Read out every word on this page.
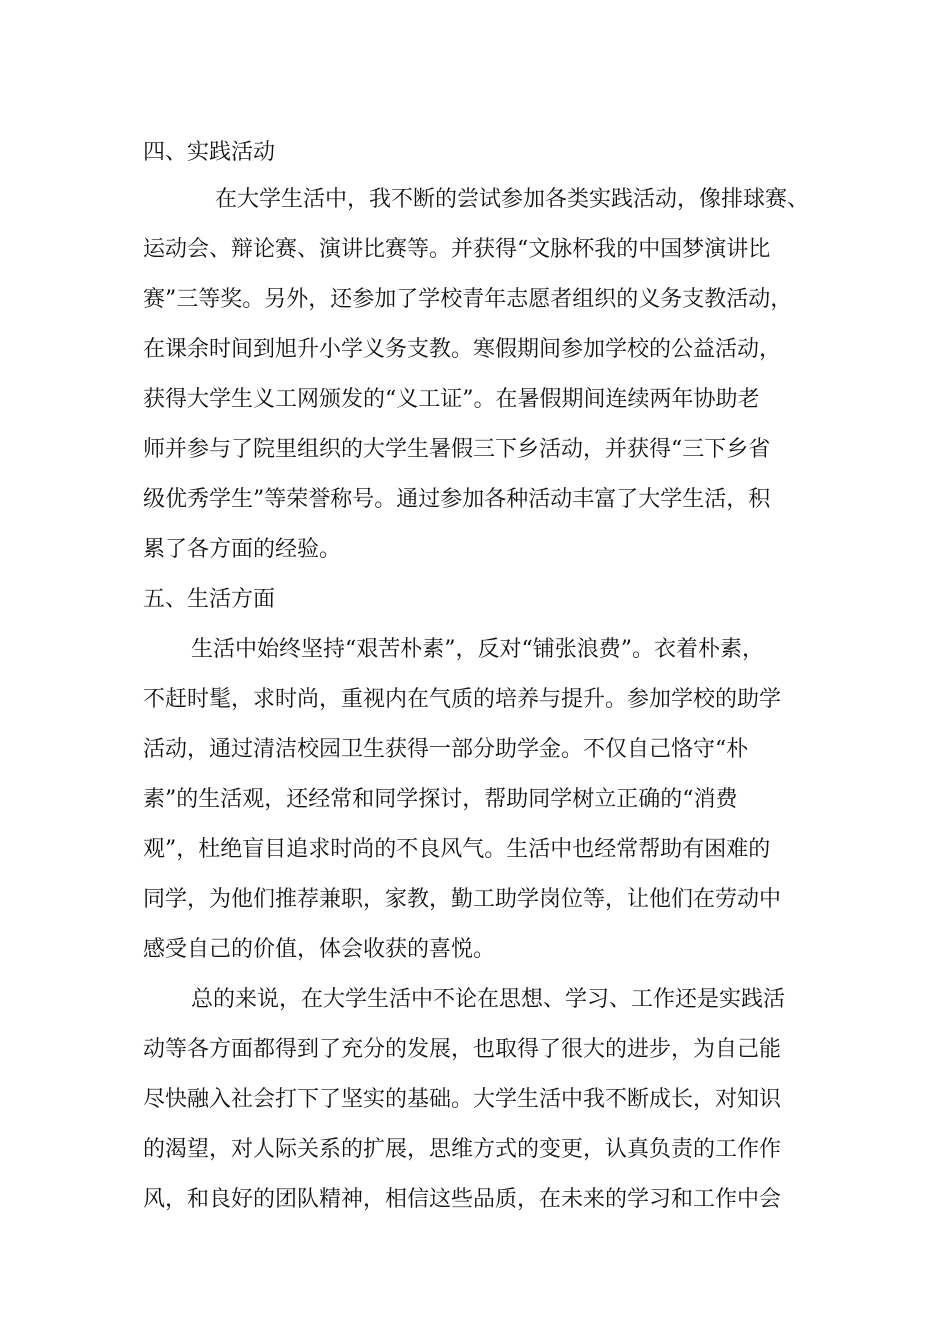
四、实践活动
在大学生活中，我不断的尝试参加各类实践活动，像排球赛、
运动会、辩论赛、演讲比赛等。并获得“文脉杯我的中国梦演讲比
赛”三等奖。另外，还参加了学校青年志愿者组织的义务支教活动，
在课余时间到旭升小学义务支教。寒假期间参加学校的公益活动，
获得大学生义工网颁发的“义工证”。在暑假期间连续两年协助老
师并参与了院里组织的大学生暑假三下乡活动，并获得“三下乡省
级优秀学生”等荣誉称号。通过参加各种活动丰富了大学生活，积
累了各方面的经验。
五、生活方面
生活中始终坚持“艰苦朴素”，反对“铺张浪费”。衣着朴素，
不赶时髦，求时尚，重视内在气质的培养与提升。参加学校的助学
活动，通过清洁校园卫生获得一部分助学金。不仅自己恪守“朴
素”的生活观，还经常和同学探讨，帮助同学树立正确的“消费
观”，杜绝盲目追求时尚的不良风气。生活中也经常帮助有困难的
同学，为他们推荐兼职，家教，勤工助学岗位等，让他们在劳动中
感受自己的价值，体会收获的喜悦。
总的来说，在大学生活中不论在思想、学习、工作还是实践活
动等各方面都得到了充分的发展，也取得了很大的进步，为自己能
尽快融入社会打下了坚实的基础。大学生活中我不断成长，对知识
的渴望，对人际关系的扩展，思维方式的变更，认真负责的工作作
风，和良好的团队精神，相信这些品质，在未来的学习和工作中会
